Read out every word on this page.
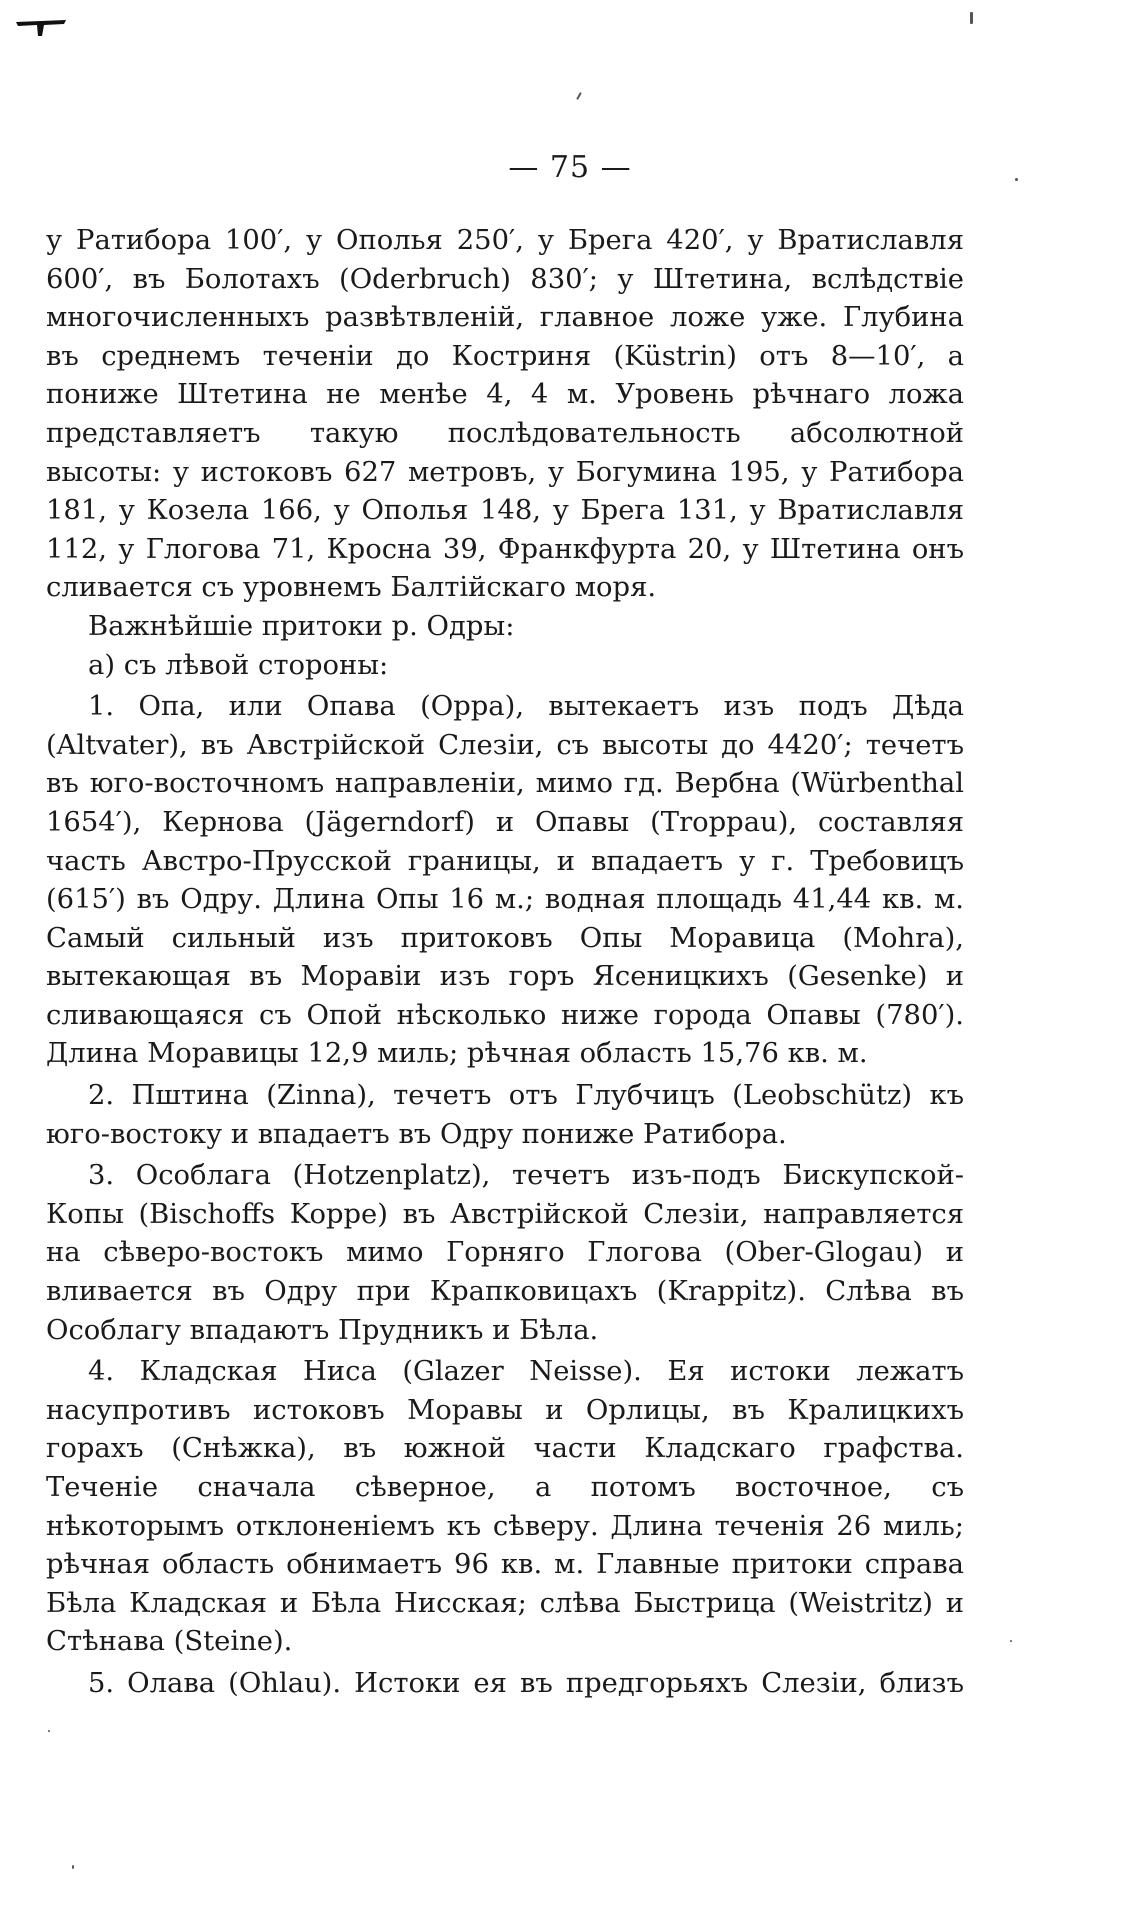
— 75 —

у Ратибора 100′, у Ополья 250′, у Брега 420′, у Вратиславля 600′, въ Болотахъ (Oderbruch) 830′; у Штетина, вслѣдствіе многочисленныхъ развѣтвленій, главное ложе уже. Глубина въ среднемъ теченіи до Костриня (Küstrin) отъ 8—10′, а пониже Штетина не менѣе 4, 4 м. Уровень рѣчнаго ложа представляетъ такую послѣдовательность абсолютной высоты: у истоковъ 627 метровъ, у Богумина 195, у Ратибора 181, у Козела 166, у Ополья 148, у Брега 131, у Вратиславля 112, у Глогова 71, Кросна 39, Франкфурта 20, у Штетина онъ сливается съ уровнемъ Балтійскаго моря.

Важнѣйшіе притоки р. Одры:

а) съ лѣвой стороны:

1. Опа, или Опава (Oppa), вытекаетъ изъ подъ Дѣда (Altvater), въ Австрійской Слезіи, съ высоты до 4420′; течетъ въ юго-восточномъ направленіи, мимо гд. Вербна (Würbenthal 1654′), Кернова (Jägerndorf) и Опавы (Troppau), составляя часть Австро-Прусской границы, и впадаетъ у г. Требовицъ (615′) въ Одру. Длина Опы 16 м.; водная площадь 41,44 кв. м. Самый сильный изъ притоковъ Опы Моравица (Mohra), вытекающая въ Моравіи изъ горъ Ясеницкихъ (Gesenke) и сливающаяся съ Опой нѣсколько ниже города Опавы (780′). Длина Моравицы 12,9 миль; рѣчная область 15,76 кв. м.

2. Пштина (Zinna), течетъ отъ Глубчицъ (Leobschütz) къ юго-востоку и впадаетъ въ Одру пониже Ратибора.

3. Особлага (Hotzenplatz), течетъ изъ-подъ Бискупской-Копы (Bischoffs Koppe) въ Австрійской Слезіи, направляется на сѣверо-востокъ мимо Горняго Глогова (Ober-Glogau) и вливается въ Одру при Крапковицахъ (Krappitz). Слѣва въ Особлагу впадаютъ Прудникъ и Бѣла.

4. Кладская Ниса (Glazer Neisse). Ея истоки лежатъ насупротивъ истоковъ Моравы и Орлицы, въ Кралицкихъ горахъ (Снѣжка), въ южной части Кладскаго графства. Теченіе сначала сѣверное, а потомъ восточное, съ нѣкоторымъ отклоненіемъ къ сѣверу. Длина теченія 26 миль; рѣчная область обнимаетъ 96 кв. м. Главные притоки справа Бѣла Кладская и Бѣла Нисская; слѣва Быстрица (Weistritz) и Стѣнава (Steine).

5. Олава (Ohlau). Истоки ея въ предгорьяхъ Слезіи, близъ
